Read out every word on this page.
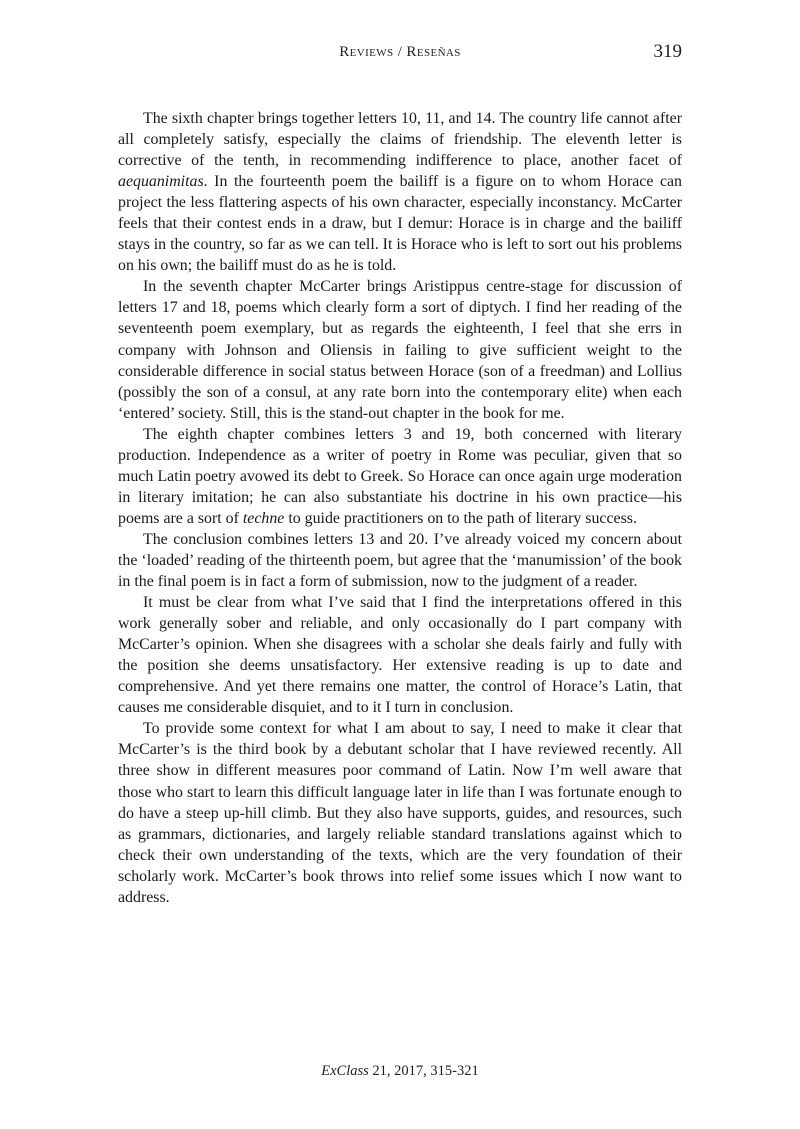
Reviews / Reseñas	319

The sixth chapter brings together letters 10, 11, and 14. The country life cannot after all completely satisfy, especially the claims of friendship. The eleventh letter is corrective of the tenth, in recommending indifference to place, another facet of aequanimitas. In the fourteenth poem the bailiff is a figure on to whom Horace can project the less flattering aspects of his own character, especially inconstancy. McCarter feels that their contest ends in a draw, but I demur: Horace is in charge and the bailiff stays in the country, so far as we can tell. It is Horace who is left to sort out his problems on his own; the bailiff must do as he is told.

In the seventh chapter McCarter brings Aristippus centre-stage for discussion of letters 17 and 18, poems which clearly form a sort of diptych. I find her reading of the seventeenth poem exemplary, but as regards the eighteenth, I feel that she errs in company with Johnson and Oliensis in failing to give sufficient weight to the considerable difference in social status between Horace (son of a freedman) and Lollius (possibly the son of a consul, at any rate born into the contemporary elite) when each ‘entered’ society. Still, this is the stand-out chapter in the book for me.

The eighth chapter combines letters 3 and 19, both concerned with literary production. Independence as a writer of poetry in Rome was peculiar, given that so much Latin poetry avowed its debt to Greek. So Horace can once again urge moderation in literary imitation; he can also substantiate his doctrine in his own practice—his poems are a sort of techne to guide practitioners on to the path of literary success.

The conclusion combines letters 13 and 20. I’ve already voiced my concern about the ‘loaded’ reading of the thirteenth poem, but agree that the ‘manumission’ of the book in the final poem is in fact a form of submission, now to the judgment of a reader.

It must be clear from what I’ve said that I find the interpretations offered in this work generally sober and reliable, and only occasionally do I part company with McCarter’s opinion. When she disagrees with a scholar she deals fairly and fully with the position she deems unsatisfactory. Her extensive reading is up to date and comprehensive. And yet there remains one matter, the control of Horace’s Latin, that causes me considerable disquiet, and to it I turn in conclusion.

To provide some context for what I am about to say, I need to make it clear that McCarter’s is the third book by a debutant scholar that I have reviewed recently. All three show in different measures poor command of Latin. Now I’m well aware that those who start to learn this difficult language later in life than I was fortunate enough to do have a steep up-hill climb. But they also have supports, guides, and resources, such as grammars, dictionaries, and largely reliable standard translations against which to check their own understanding of the texts, which are the very foundation of their scholarly work. McCarter’s book throws into relief some issues which I now want to address.

ExClass 21, 2017, 315-321
